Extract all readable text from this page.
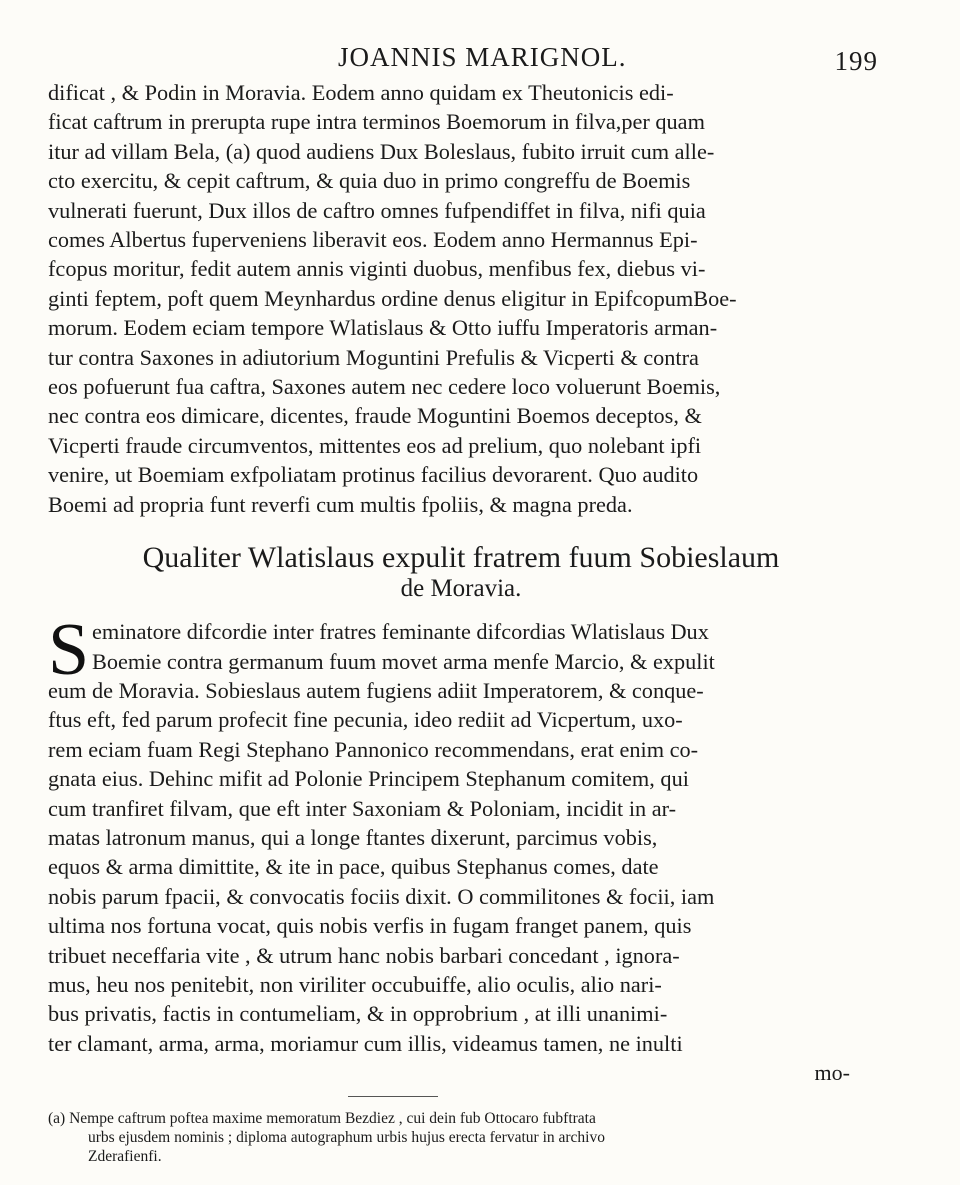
JOANNIS MARIGNOL.	199
dificat , & Podin in Moravia. Eodem anno quidam ex Theutonicis edi-
ficat caftrum in prerupta rupe intra terminos Boemorum in filva,per quam
itur ad villam Bela, (a) quod audiens Dux Boleslaus, fubito irruit cum alle-
cto exercitu, & cepit caftrum, & quia duo in primo congreffu de Boemis
vulnerati fuerunt, Dux illos de caftro omnes fufpendiffet in filva, nifi quia
comes Albertus fuperveniens liberavit eos. Eodem anno Hermannus Epi-
fcopus moritur, fedit autem annis viginti duobus, menfibus fex, diebus vi-
ginti feptem, poft quem Meynhardus ordine denus eligitur in EpifcopumBoe-
morum. Eodem eciam tempore Wlatislaus & Otto iuffu Imperatoris arman-
tur contra Saxones in adiutorium Moguntini Prefulis & Vicperti & contra
eos pofuerunt fua caftra, Saxones autem nec cedere loco voluerunt Boemis,
nec contra eos dimicare, dicentes, fraude Moguntini Boemos deceptos, &
Vicperti fraude circumventos, mittentes eos ad prelium, quo nolebant ipfi
venire, ut Boemiam exfpoliatam protinus facilius devorarent. Quo audito
Boemi ad propria funt reverfi cum multis fpoliis, & magna preda.
Qualiter Wlatislaus expulit fratrem fuum Sobieslaum
de Moravia.
S eminatore difcordie inter fratres feminante difcordias Wlatislaus Dux
Boemie contra germanum fuum movet arma menfe Marcio, & expulit
eum de Moravia. Sobieslaus autem fugiens adiit Imperatorem, & conque-
ftus eft, fed parum profecit fine pecunia, ideo rediit ad Vicpertum, uxo-
rem eciam fuam Regi Stephano Pannonico recommendans, erat enim co-
gnata eius. Dehinc mifit ad Polonie Principem Stephanum comitem, qui
cum tranfiret filvam, que eft inter Saxoniam & Poloniam, incidit in ar-
matas latronum manus, qui a longe ftantes dixerunt, parcimus vobis,
equos & arma dimittite, & ite in pace, quibus Stephanus comes, date
nobis parum fpacii, & convocatis fociis dixit. O commilitones & focii, iam
ultima nos fortuna vocat, quis nobis verfis in fugam franget panem, quis
tribuet neceffaria vite , & utrum hanc nobis barbari concedant , ignora-
mus, heu nos penitebit, non viriliter occubuiffe, alio oculis, alio nari-
bus privatis, factis in contumeliam, & in opprobrium , at illi unanimi-
ter clamant, arma, arma, moriamur cum illis, videamus tamen, ne inulti
mo-
(a) Nempe caftrum poftea maxime memoratum Bezdiez , cui dein fub Ottocaro fubftrata
urbs ejusdem nominis ; diploma autographum urbis hujus erecta fervatur in archivo
Zderafienfi.
